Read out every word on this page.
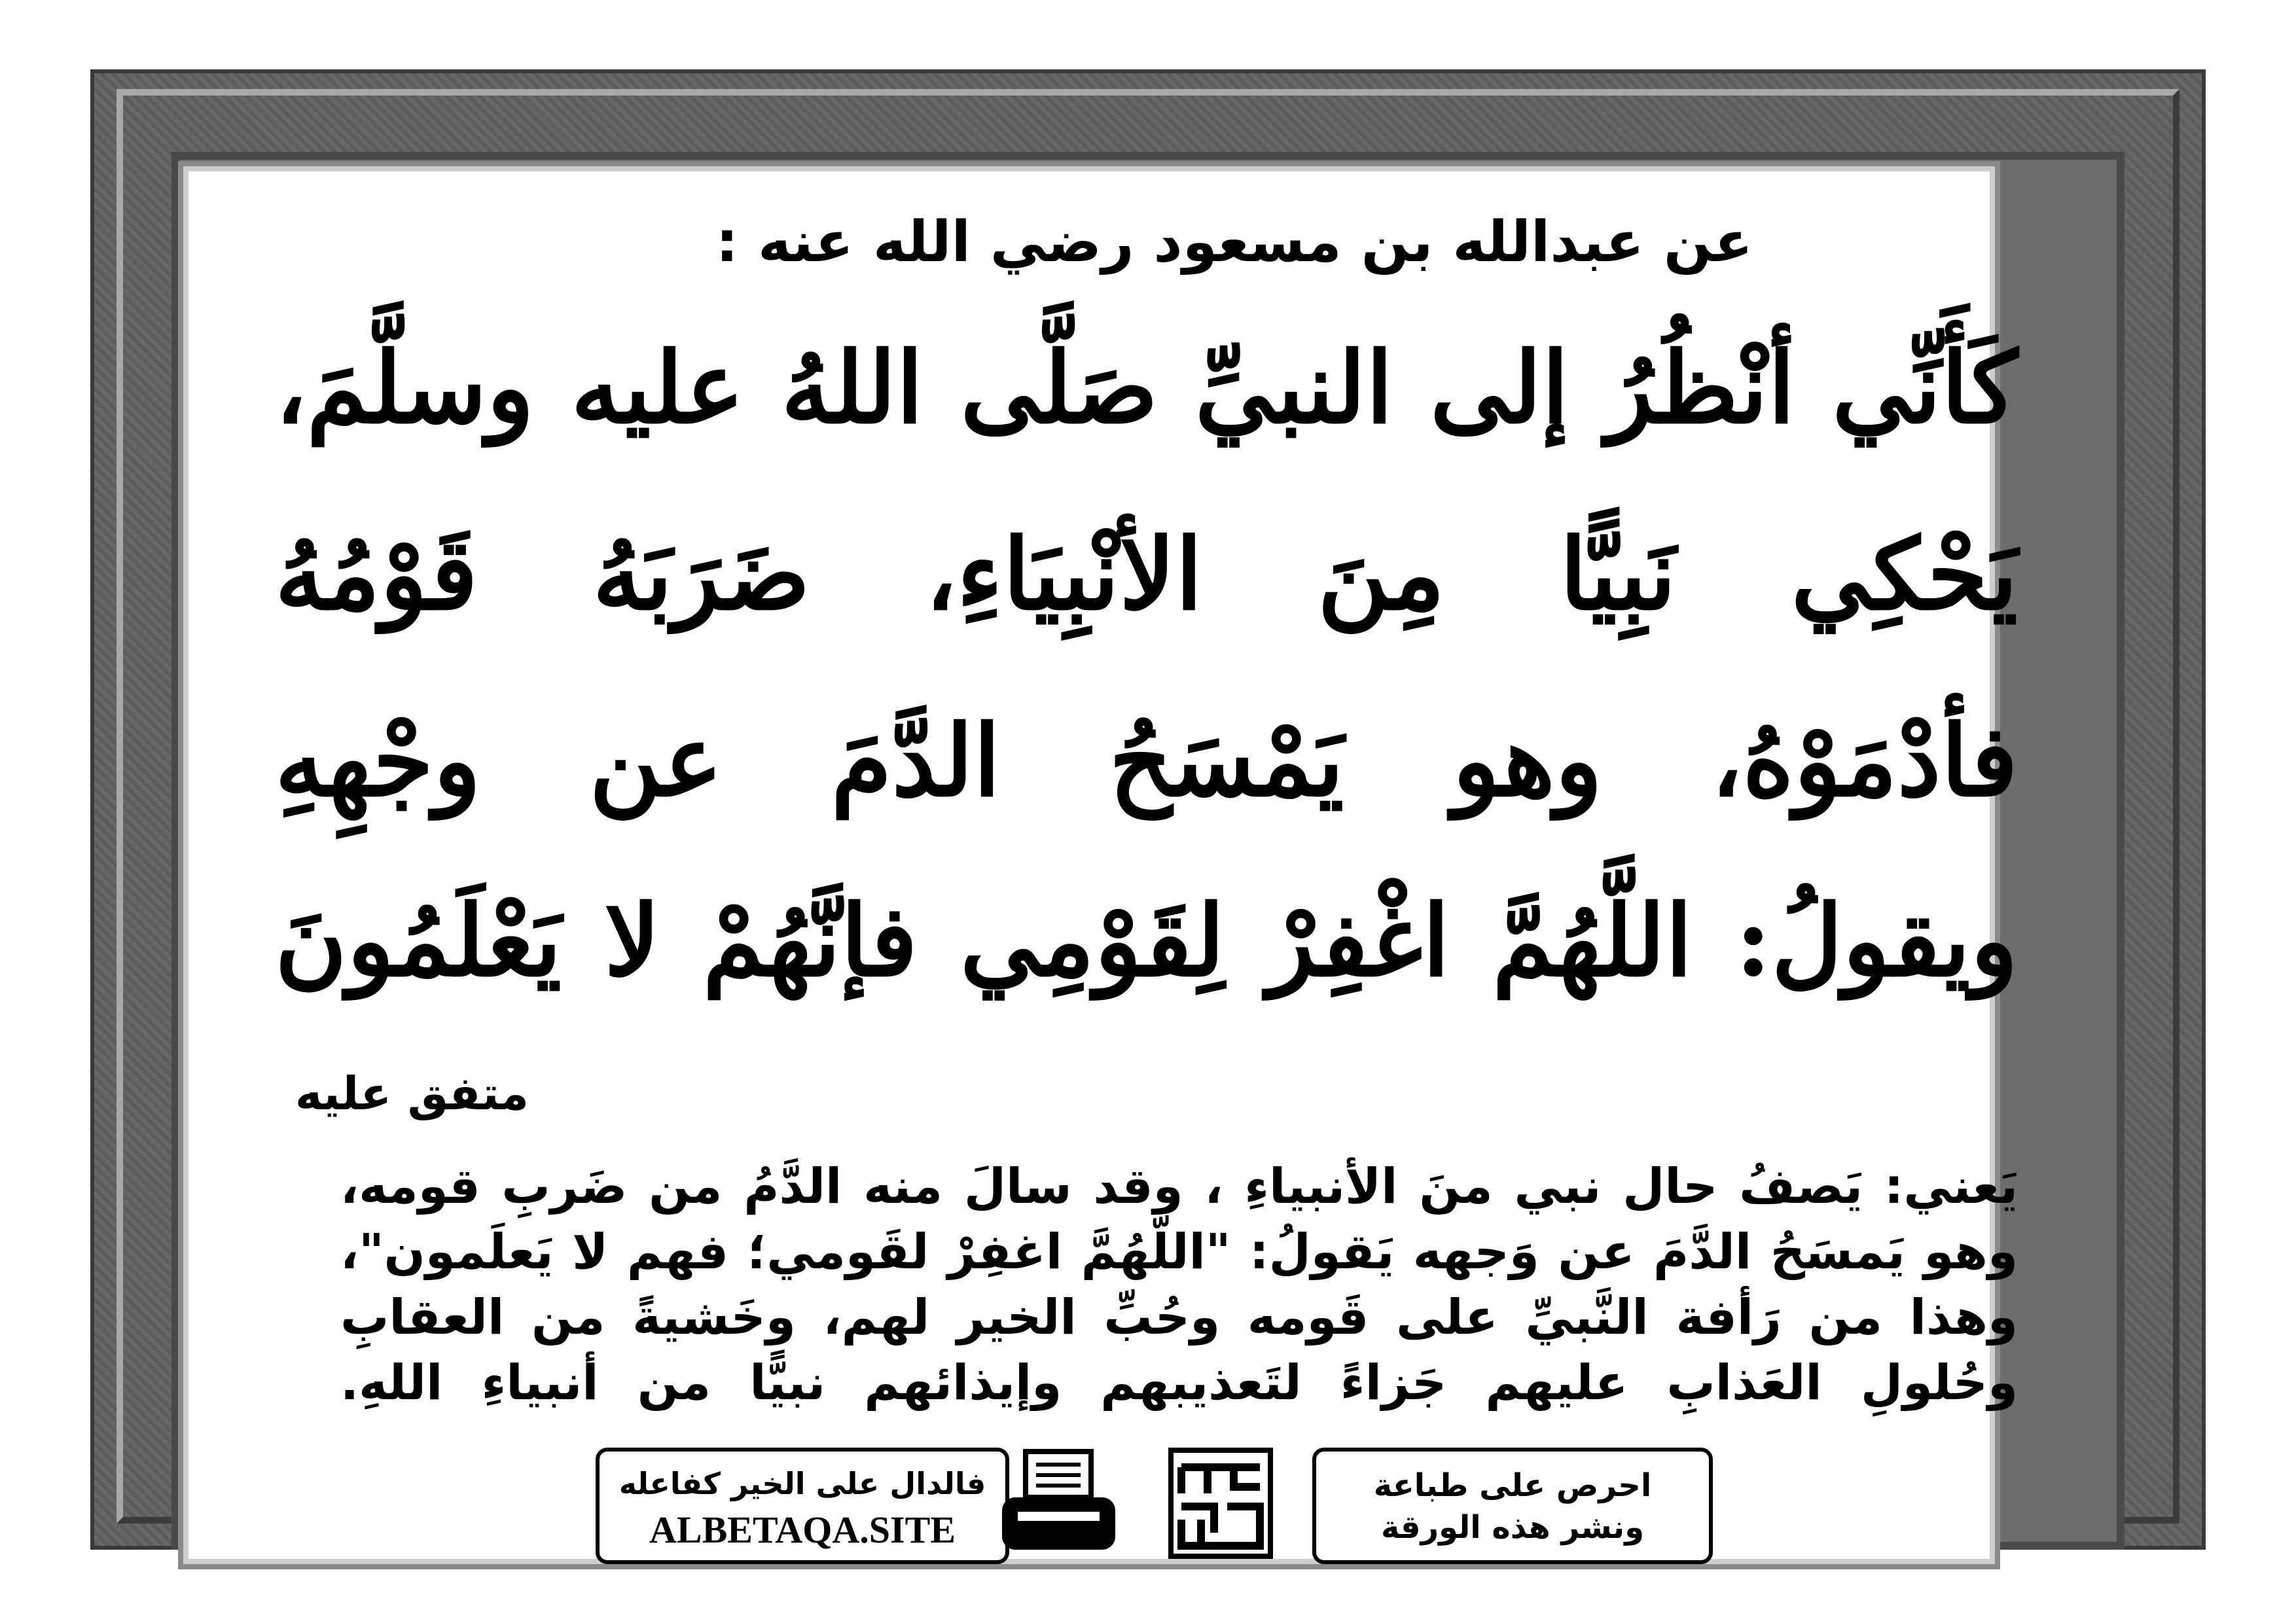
عن عبدالله بن مسعود رضي الله عنه :
كَأَنِّي أنْظُرُ إلى النبيِّ صَلَّى اللهُ عليه وسلَّمَ،
يَحْكِي نَبِيًّا مِنَ الأنْبِيَاءِ، ضَرَبَهُ قَوْمُهُ
فأدْمَوْهُ، وهو يَمْسَحُ الدَّمَ عن وجْهِهِ
ويقولُ: اللَّهُمَّ اغْفِرْ لِقَوْمِي فإنَّهُمْ لا يَعْلَمُونَ
متفق عليه
يَعني: يَصفُ حال نبي منَ الأنبياءِ ، وقد سالَ منه الدَّمُ من ضَربِ قومه،
وهو يَمسَحُ الدَّمَ عن وَجهه يَقولُ: "اللَّهُمَّ اغفِرْ لقَومي؛ فهم لا يَعلَمون"،
وهذا من رَأفة النَّبيِّ على قَومه وحُبِّ الخير لهم، وخَشيةً من العقابِ
وحُلولِ العَذابِ عليهم جَزاءً لتَعذيبهم وإيذائهم نبيًّا من أنبياءِ اللهِ.
فالدال على الخير كفاعله
ALBETAQA.SITE
احرص على طباعة
ونشر هذه الورقة
